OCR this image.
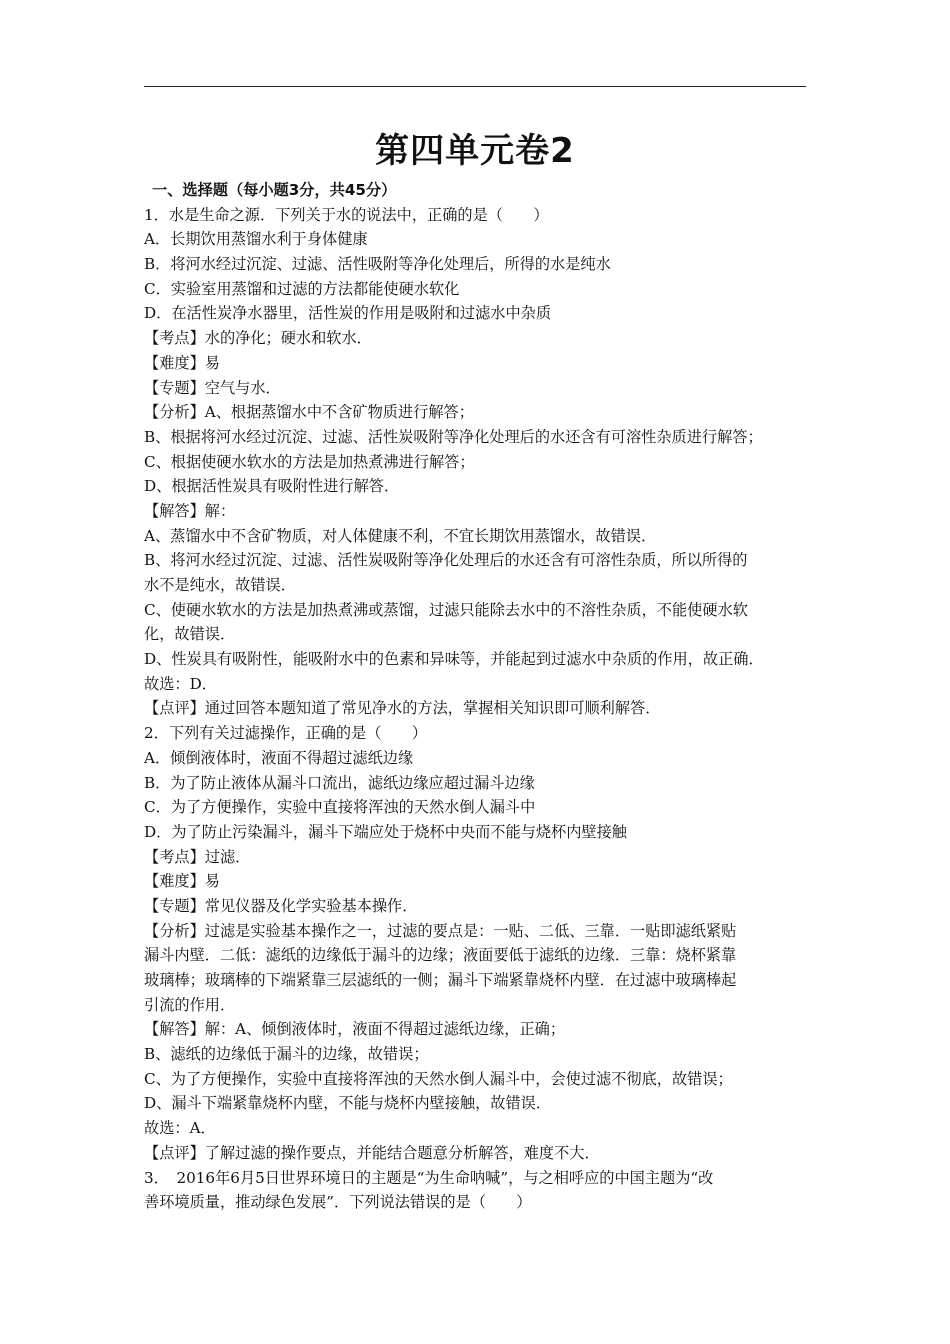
第四单元卷2
一、选择题（每小题3分，共45分）
1．水是生命之源．下列关于水的说法中，正确的是（　　）
A．长期饮用蒸馏水利于身体健康
B．将河水经过沉淀、过滤、活性吸附等净化处理后，所得的水是纯水
C．实验室用蒸馏和过滤的方法都能使硬水软化
D．在活性炭净水器里，活性炭的作用是吸附和过滤水中杂质
【考点】水的净化；硬水和软水．
【难度】易
【专题】空气与水．
【分析】A、根据蒸馏水中不含矿物质进行解答；
B、根据将河水经过沉淀、过滤、活性炭吸附等净化处理后的水还含有可溶性杂质进行解答；
C、根据使硬水软水的方法是加热煮沸进行解答；
D、根据活性炭具有吸附性进行解答．
【解答】解：
A、蒸馏水中不含矿物质，对人体健康不利，不宜长期饮用蒸馏水，故错误．
B、将河水经过沉淀、过滤、活性炭吸附等净化处理后的水还含有可溶性杂质，所以所得的
水不是纯水，故错误．
C、使硬水软水的方法是加热煮沸或蒸馏，过滤只能除去水中的不溶性杂质，不能使硬水软
化，故错误．
D、性炭具有吸附性，能吸附水中的色素和异味等，并能起到过滤水中杂质的作用，故正确．
故选：D．
【点评】通过回答本题知道了常见净水的方法，掌握相关知识即可顺利解答．
2．下列有关过滤操作，正确的是（　　）
A．倾倒液体时，液面不得超过滤纸边缘
B．为了防止液体从漏斗口流出，滤纸边缘应超过漏斗边缘
C．为了方便操作，实验中直接将浑浊的天然水倒人漏斗中
D．为了防止污染漏斗，漏斗下端应处于烧杯中央而不能与烧杯内壁接触
【考点】过滤．
【难度】易
【专题】常见仪器及化学实验基本操作．
【分析】过滤是实验基本操作之一，过滤的要点是：一贴、二低、三靠．一贴即滤纸紧贴
漏斗内壁．二低：滤纸的边缘低于漏斗的边缘；液面要低于滤纸的边缘．三靠：烧杯紧靠
玻璃棒；玻璃棒的下端紧靠三层滤纸的一侧；漏斗下端紧靠烧杯内壁．在过滤中玻璃棒起
引流的作用．
【解答】解：A、倾倒液体时，液面不得超过滤纸边缘，正确；
B、滤纸的边缘低于漏斗的边缘，故错误；
C、为了方便操作，实验中直接将浑浊的天然水倒人漏斗中，会使过滤不彻底，故错误；
D、漏斗下端紧靠烧杯内壁，不能与烧杯内壁接触，故错误．
故选：A．
【点评】了解过滤的操作要点，并能结合题意分析解答，难度不大．
3．　2016年6月5日世界环境日的主题是“为生命呐喊”，与之相呼应的中国主题为“改
善环境质量，推动绿色发展”．下列说法错误的是（　　）
